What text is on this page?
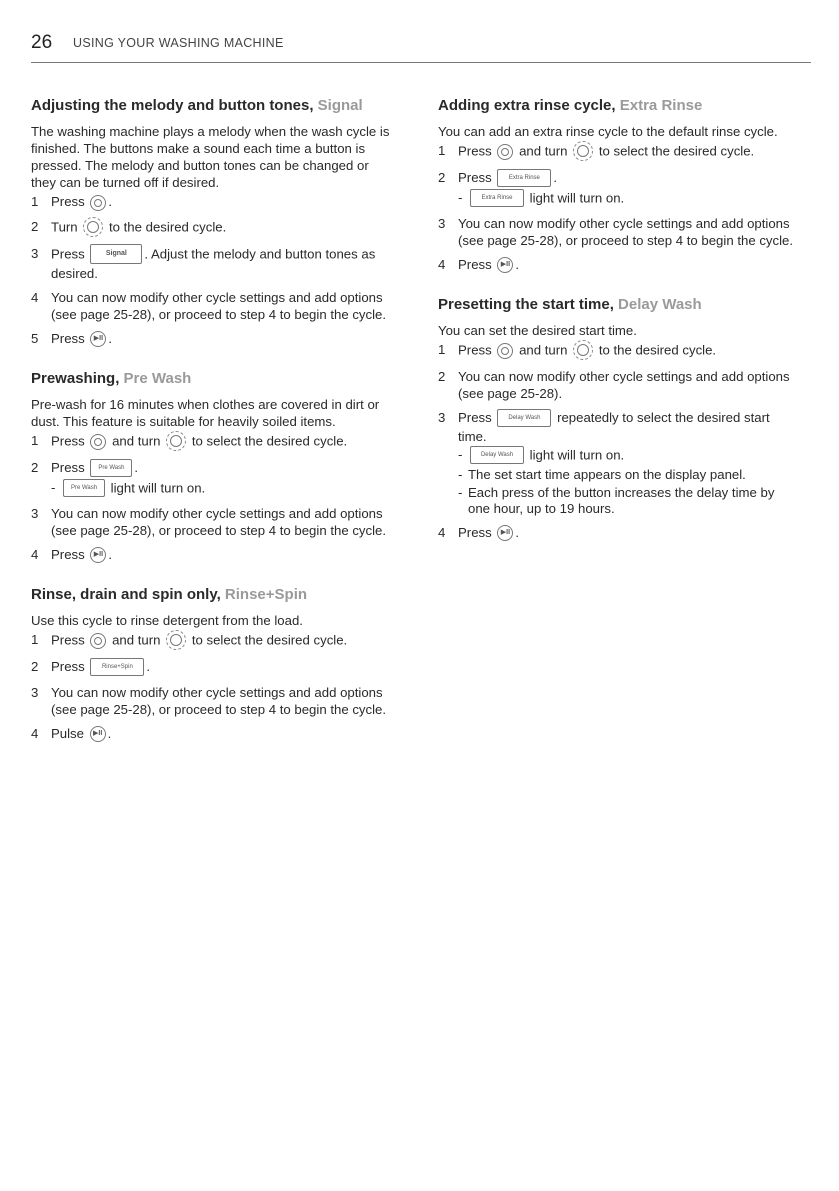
26 USING YOUR WASHING MACHINE
Adjusting the melody and button tones, Signal

The washing machine plays a melody when the wash cycle is finished. The buttons make a sound each time a button is pressed. The melody and button tones can be changed or they can be turned off if desired.

1 Press .
2 Turn to the desired cycle.
3 Press	Signal . Adjust the melody and button tones as desired.
4 You can now modify other cycle settings and add options (see page 25-28), or proceed to step 4 to begin the cycle.
5 Press ▶II .
Prewashing, Pre Wash

Pre-wash for 16 minutes when clothes are covered in dirt or dust. This feature is suitable for heavily soiled items.

1 Press and turn to select the desired cycle.
2 Press Pre Wash .
-	Pre Wash light will turn on.
3 You can now modify other cycle settings and add options (see page 25-28), or proceed to step 4 to begin the cycle.
4 Press ▶II .
Rinse, drain and spin only, Rinse+Spin

Use this cycle to rinse detergent from the load.

1 Press and turn to select the desired cycle.
2 Press	Rinse+Spin .
3 You can now modify other cycle settings and add options (see page 25-28), or proceed to step 4 to begin the cycle.
4 Pulse ▶II .
Adding extra rinse cycle, Extra Rinse

You can add an extra rinse cycle to the default rinse cycle.

1 Press and turn to select the desired cycle.
2 Press	Extra Rinse .
-	Extra Rinse light will turn on.
3 You can now modify other cycle settings and add options (see page 25-28), or proceed to step 4 to begin the cycle.
4 Press ▶II .
Presetting the start time, Delay Wash

You can set the desired start time.

1 Press and turn to the desired cycle.
2 You can now modify other cycle settings and add options (see page 25-28).
3 Press	Delay Wash repeatedly to select the desired start time.
-	Delay Wash light will turn on.
- The set start time appears on the display panel.
- Each press of the button increases the delay time by one hour, up to 19 hours.
4 Press ▶II .
